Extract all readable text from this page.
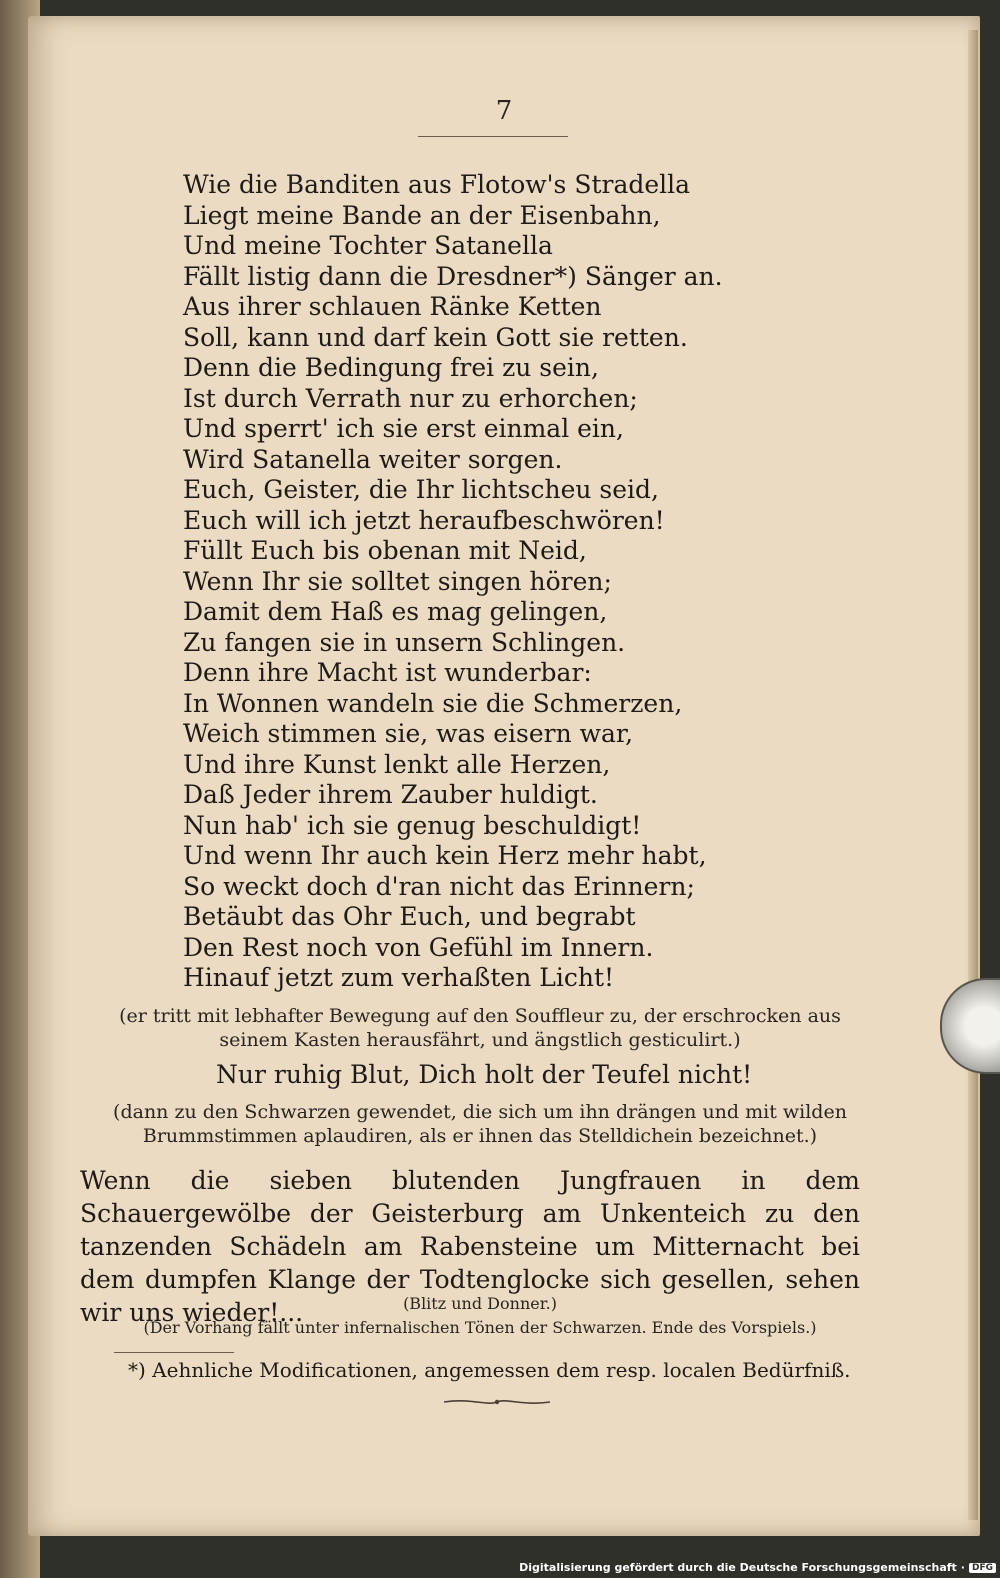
7
Wie die Banditen aus Flotow's Stradella
Liegt meine Bande an der Eisenbahn,
Und meine Tochter Satanella
Fällt listig dann die Dresdner*) Sänger an.
Aus ihrer schlauen Ränke Ketten
Soll, kann und darf kein Gott sie retten.
Denn die Bedingung frei zu sein,
Ist durch Verrath nur zu erhorchen;
Und sperrt' ich sie erst einmal ein,
Wird Satanella weiter sorgen.
Euch, Geister, die Ihr lichtscheu seid,
Euch will ich jetzt heraufbeschwören!
Füllt Euch bis obenan mit Neid,
Wenn Ihr sie solltet singen hören;
Damit dem Haß es mag gelingen,
Zu fangen sie in unsern Schlingen.
Denn ihre Macht ist wunderbar:
In Wonnen wandeln sie die Schmerzen,
Weich stimmen sie, was eisern war,
Und ihre Kunst lenkt alle Herzen,
Daß Jeder ihrem Zauber huldigt.
Nun hab' ich sie genug beschuldigt!
Und wenn Ihr auch kein Herz mehr habt,
So weckt doch d'ran nicht das Erinnern;
Betäubt das Ohr Euch, und begrabt
Den Rest noch von Gefühl im Innern.
Hinauf jetzt zum verhaßten Licht!
(er tritt mit lebhafter Bewegung auf den Souffleur zu, der erschrocken aus
seinem Kasten herausfährt, und ängstlich gesticulirt.)
Nur ruhig Blut, Dich holt der Teufel nicht!
(dann zu den Schwarzen gewendet, die sich um ihn drängen und mit wilden
Brummstimmen aplaudiren, als er ihnen das Stelldichein bezeichnet.)
Wenn die sieben blutenden Jungfrauen in dem Schauergewölbe der Geisterburg am Unkenteich zu den tanzenden Schädeln am Rabensteine um Mitternacht bei dem dumpfen Klange der Todtenglocke sich gesellen, sehen wir uns wieder!...	(Blitz und Donner.)
(Der Vorhang fällt unter infernalischen Tönen der Schwarzen. Ende des Vorspiels.)
*) Aehnliche Modificationen, angemessen dem resp. localen Bedürfniß.
Digitalisierung gefördert durch die Deutsche Forschungsgemeinschaft · DFG
